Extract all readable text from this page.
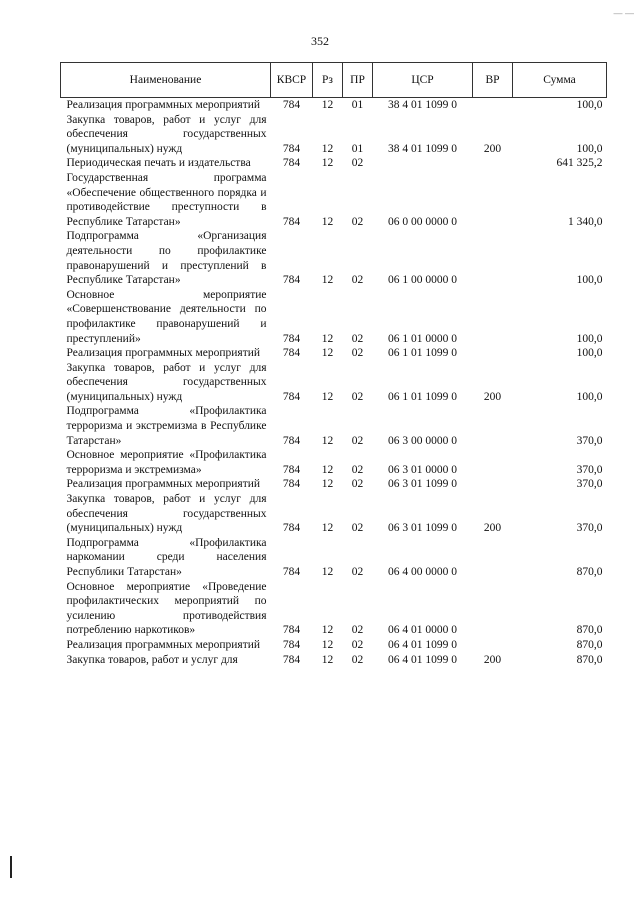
— —
352
Наименование	КВСР	Рз	ПР	ЦСР	ВР	Сумма
Реализация программных мероприятий	784	12	01	38 4 01 1099 0		100,0
Закупка товаров, работ и услуг для обеспечения государственных (муниципальных) нужд	784	12	01	38 4 01 1099 0	200	100,0
Периодическая печать и издательства	784	12	02			641 325,2
Государственная программа «Обеспечение общественного порядка и противодействие преступности в Республике Татарстан»	784	12	02	06 0 00 0000 0		1 340,0
Подпрограмма «Организация деятельности по профилактике правонарушений и преступлений в Республике Татарстан»	784	12	02	06 1 00 0000 0		100,0
Основное мероприятие «Совершенствование деятельности по профилактике правонарушений и преступлений»	784	12	02	06 1 01 0000 0		100,0
Реализация программных мероприятий	784	12	02	06 1 01 1099 0		100,0
Закупка товаров, работ и услуг для обеспечения государственных (муниципальных) нужд	784	12	02	06 1 01 1099 0	200	100,0
Подпрограмма «Профилактика терроризма и экстремизма в Республике Татарстан»	784	12	02	06 3 00 0000 0		370,0
Основное мероприятие «Профилактика терроризма и экстремизма»	784	12	02	06 3 01 0000 0		370,0
Реализация программных мероприятий	784	12	02	06 3 01 1099 0		370,0
Закупка товаров, работ и услуг для обеспечения государственных (муниципальных) нужд	784	12	02	06 3 01 1099 0	200	370,0
Подпрограмма «Профилактика наркомании среди населения Республики Татарстан»	784	12	02	06 4 00 0000 0		870,0
Основное мероприятие «Проведение профилактических мероприятий по усилению противодействия потреблению наркотиков»	784	12	02	06 4 01 0000 0		870,0
Реализация программных мероприятий	784	12	02	06 4 01 1099 0		870,0
Закупка товаров, работ и услуг для	784	12	02	06 4 01 1099 0	200	870,0
